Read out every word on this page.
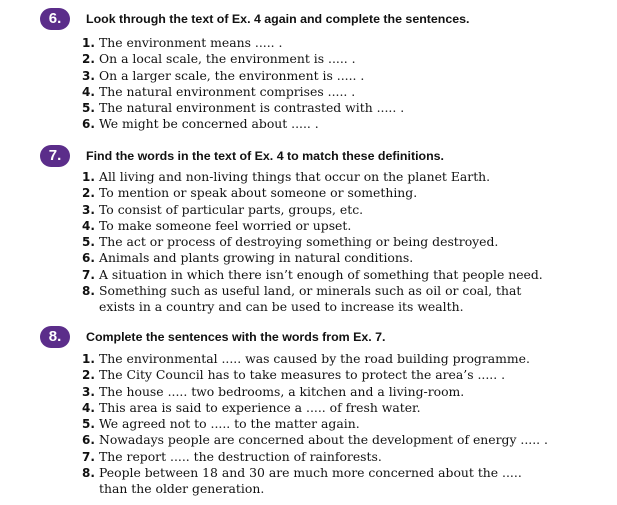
6.	Look through the text of Ex. 4 again and complete the sentences.
1. The environment means ..... .
2. On a local scale, the environment is ..... .
3. On a larger scale, the environment is ..... .
4. The natural environment comprises ..... .
5. The natural environment is contrasted with ..... .
6. We might be concerned about ..... .
7.	Find the words in the text of Ex. 4 to match these definitions.
1. All living and non-living things that occur on the planet Earth.
2. To mention or speak about someone or something.
3. To consist of particular parts, groups, etc.
4. To make someone feel worried or upset.
5. The act or process of destroying something or being destroyed.
6. Animals and plants growing in natural conditions.
7. A situation in which there isn’t enough of something that people need.
8. Something such as useful land, or minerals such as oil or coal, that
exists in a country and can be used to increase its wealth.
8.	Complete the sentences with the words from Ex. 7.
1. The environmental ..... was caused by the road building programme.
2. The City Council has to take measures to protect the area’s ..... .
3. The house ..... two bedrooms, a kitchen and a living-room.
4. This area is said to experience a ..... of fresh water.
5. We agreed not to ..... to the matter again.
6. Nowadays people are concerned about the development of energy ..... .
7. The report ..... the destruction of rainforests.
8. People between 18 and 30 are much more concerned about the .....
than the older generation.
